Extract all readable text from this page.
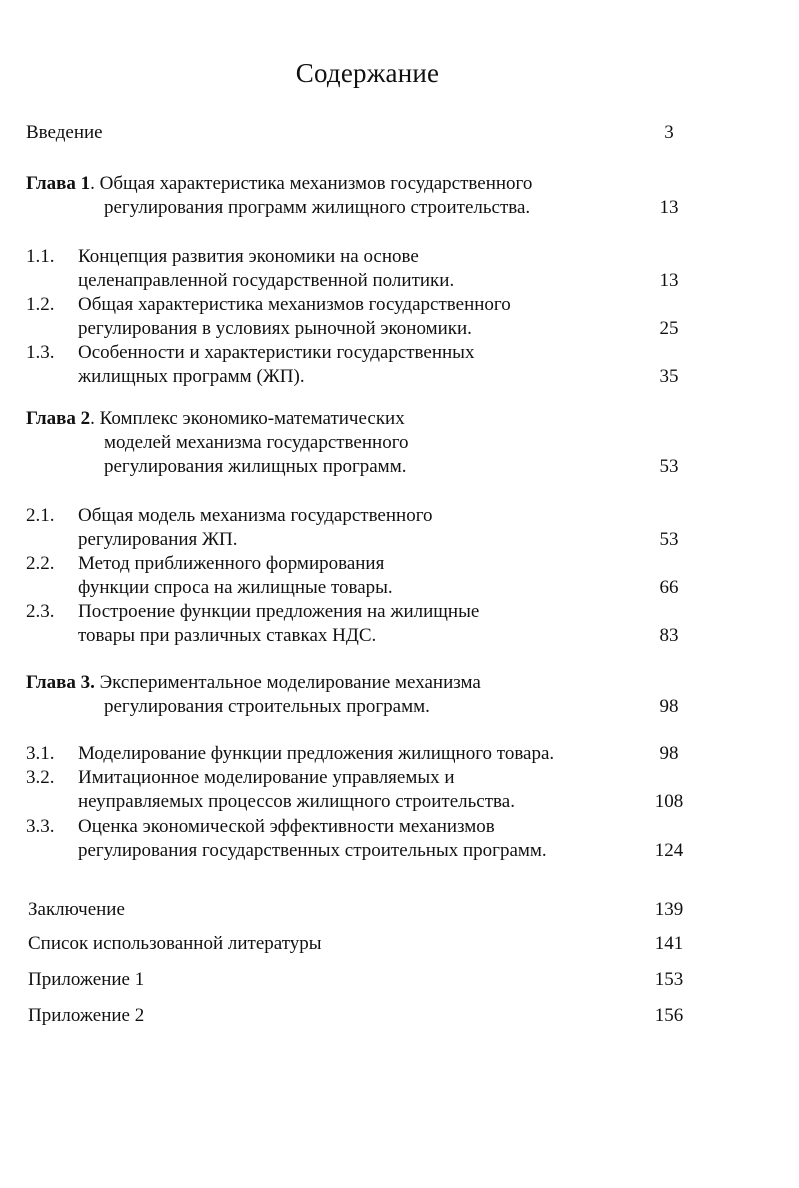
Содержание
Введение	3
Глава 1. Общая характеристика механизмов государственного
регулирования программ жилищного строительства.	13
1.1. Концепция развития экономики на основе
целенаправленной государственной политики.	13
1.2. Общая характеристика механизмов государственного
регулирования в условиях рыночной экономики.	25
1.3. Особенности и характеристики государственных
жилищных программ (ЖП).	35
Глава 2. Комплекс экономико-математических
моделей механизма государственного
регулирования жилищных программ.	53
2.1. Общая модель механизма государственного
регулирования ЖП.	53
2.2. Метод приближенного формирования
функции спроса на жилищные товары.	66
2.3. Построение функции предложения на жилищные
товары при различных ставках НДС.	83
Глава 3. Экспериментальное моделирование механизма
регулирования строительных программ.	98
3.1. Моделирование функции предложения жилищного товара.	98
3.2. Имитационное моделирование управляемых и
неуправляемых процессов жилищного строительства.	108
3.3. Оценка экономической эффективности механизмов
регулирования государственных строительных программ.	124
Заключение	139
Список использованной литературы	141
Приложение 1	153
Приложение 2	156
